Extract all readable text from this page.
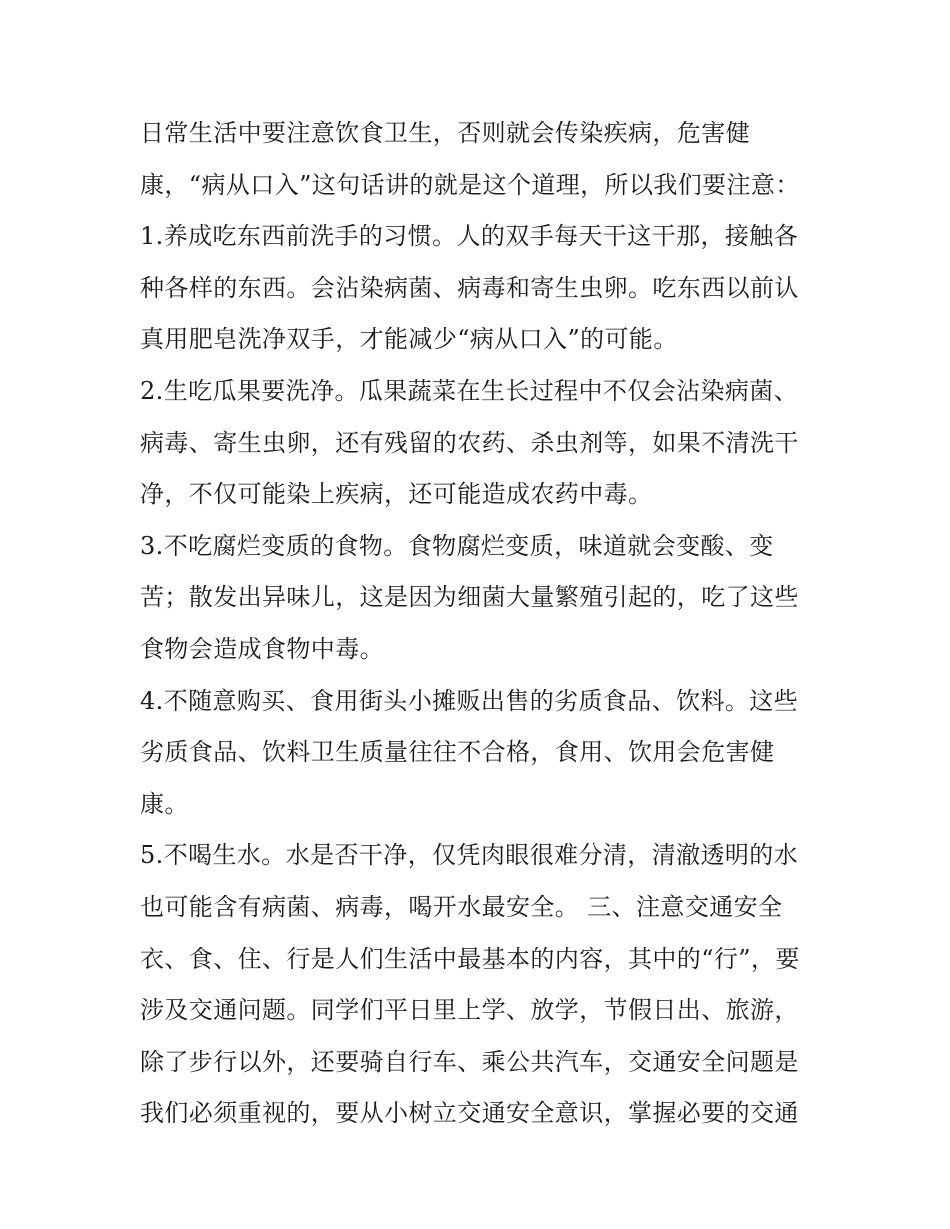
日常生活中要注意饮食卫生，否则就会传染疾病，危害健
康，“病从口入”这句话讲的就是这个道理，所以我们要注意：
1.养成吃东西前洗手的习惯。人的双手每天干这干那，接触各
种各样的东西。会沾染病菌、病毒和寄生虫卵。吃东西以前认
真用肥皂洗净双手，才能减少“病从口入”的可能。
2.生吃瓜果要洗净。瓜果蔬菜在生长过程中不仅会沾染病菌、
病毒、寄生虫卵，还有残留的农药、杀虫剂等，如果不清洗干
净，不仅可能染上疾病，还可能造成农药中毒。
3.不吃腐烂变质的食物。食物腐烂变质，味道就会变酸、变
苦；散发出异味儿，这是因为细菌大量繁殖引起的，吃了这些
食物会造成食物中毒。
4.不随意购买、食用街头小摊贩出售的劣质食品、饮料。这些
劣质食品、饮料卫生质量往往不合格，食用、饮用会危害健
康。
5.不喝生水。水是否干净，仅凭肉眼很难分清，清澈透明的水
也可能含有病菌、病毒，喝开水最安全。 三、注意交通安全
衣、食、住、行是人们生活中最基本的内容，其中的“行”，要
涉及交通问题。同学们平日里上学、放学，节假日出、旅游，
除了步行以外，还要骑自行车、乘公共汽车，交通安全问题是
我们必须重视的，要从小树立交通安全意识，掌握必要的交通
